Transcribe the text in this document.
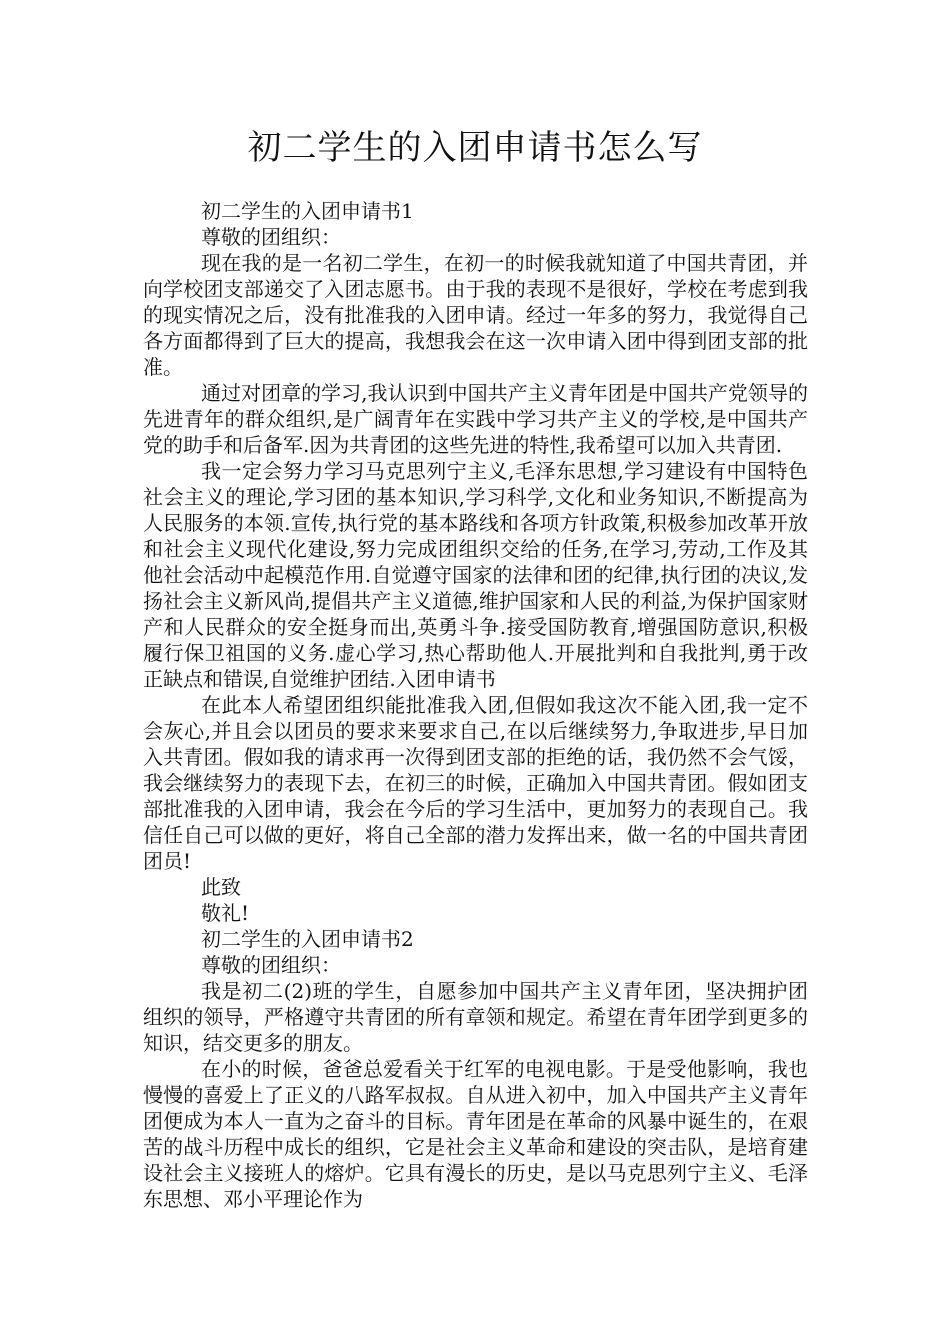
初二学生的入团申请书怎么写

初二学生的入团申请书1

尊敬的团组织：

现在我的是一名初二学生，在初一的时候我就知道了中国共青团，并向学校团支部递交了入团志愿书。由于我的表现不是很好，学校在考虑到我的现实情况之后，没有批准我的入团申请。经过一年多的努力，我觉得自己各方面都得到了巨大的提高，我想我会在这一次申请入团中得到团支部的批准。

通过对团章的学习,我认识到中国共产主义青年团是中国共产党领导的先进青年的群众组织,是广阔青年在实践中学习共产主义的学校,是中国共产党的助手和后备军.因为共青团的这些先进的特性,我希望可以加入共青团.

我一定会努力学习马克思列宁主义,毛泽东思想,学习建设有中国特色社会主义的理论,学习团的基本知识,学习科学,文化和业务知识,不断提高为人民服务的本领.宣传,执行党的基本路线和各项方针政策,积极参加改革开放和社会主义现代化建设,努力完成团组织交给的任务,在学习,劳动,工作及其他社会活动中起模范作用.自觉遵守国家的法律和团的纪律,执行团的决议,发扬社会主义新风尚,提倡共产主义道德,维护国家和人民的利益,为保护国家财产和人民群众的安全挺身而出,英勇斗争.接受国防教育,增强国防意识,积极履行保卫祖国的义务.虚心学习,热心帮助他人.开展批判和自我批判,勇于改正缺点和错误,自觉维护团结.入团申请书

在此本人希望团组织能批准我入团,但假如我这次不能入团,我一定不会灰心,并且会以团员的要求来要求自己,在以后继续努力,争取进步,早日加入共青团。假如我的请求再一次得到团支部的拒绝的话，我仍然不会气馁，我会继续努力的表现下去，在初三的时候，正确加入中国共青团。假如团支部批准我的入团申请，我会在今后的学习生活中，更加努力的表现自己。我信任自己可以做的更好，将自己全部的潜力发挥出来，做一名的中国共青团团员!

此致

敬礼!

初二学生的入团申请书2

尊敬的团组织：

我是初二(2)班的学生，自愿参加中国共产主义青年团，坚决拥护团组织的领导，严格遵守共青团的所有章领和规定。希望在青年团学到更多的知识，结交更多的朋友。

在小的时候，爸爸总爱看关于红军的电视电影。于是受他影响，我也慢慢的喜爱上了正义的八路军叔叔。自从进入初中，加入中国共产主义青年团便成为本人一直为之奋斗的目标。青年团是在革命的风暴中诞生的，在艰苦的战斗历程中成长的组织，它是社会主义革命和建设的突击队，是培育建设社会主义接班人的熔炉。它具有漫长的历史，是以马克思列宁主义、毛泽东思想、邓小平理论作为
